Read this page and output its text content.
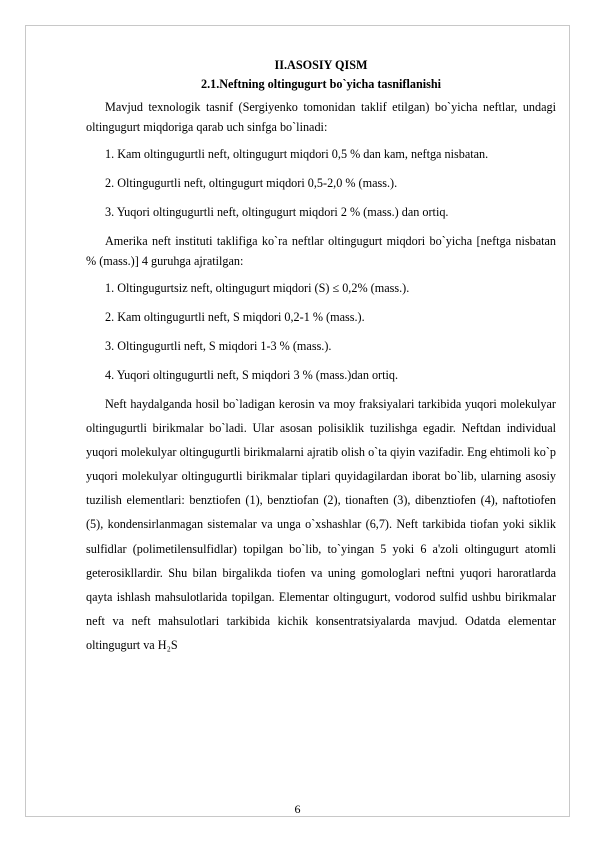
II.ASOSIY QISM

2.1.Neftning oltingugurt bo`yicha tasniflanishi

Mavjud texnologik tasnif (Sergiyenko tomonidan taklif etilgan) bo`yicha neftlar, undagi oltingugurt miqdoriga qarab uch sinfga bo`linadi:

1. Kam oltingugurtli neft, oltingugurt miqdori 0,5 % dan kam, neftga nisbatan.

2. Oltingugurtli neft, oltingugurt miqdori 0,5-2,0 % (mass.).

3. Yuqori oltingugurtli neft, oltingugurt miqdori 2 % (mass.) dan ortiq.

Amerika neft instituti taklifiga ko`ra neftlar oltingugurt miqdori bo`yicha [neftga nisbatan % (mass.)] 4 guruhga ajratilgan:

1. Oltingugurtsiz neft, oltingugurt miqdori (S) ≤ 0,2% (mass.).

2. Kam oltingugurtli neft, S miqdori 0,2-1 % (mass.).

3. Oltingugurtli neft, S miqdori 1-3 % (mass.).

4. Yuqori oltingugurtli neft, S miqdori 3 % (mass.)dan ortiq.

Neft haydalganda hosil bo`ladigan kerosin va moy fraksiyalari tarkibida yuqori molekulyar oltingugurtli birikmalar bo`ladi. Ular asosan polisiklik tuzilishga egadir. Neftdan individual yuqori molekulyar oltingugurtli birikmalarni ajratib olish o`ta qiyin vazifadir. Eng ehtimoli ko`p yuqori molekulyar oltingugurtli birikmalar tiplari quyidagilardan iborat bo`lib, ularning asosiy tuzilish elementlari: benztiofen (1), benztiofan (2), tionaften (3), dibenztiofen (4), naftotiofen (5), kondensirlanmagan sistemalar va unga o`xshashlar (6,7). Neft tarkibida tiofan yoki siklik sulfidlar (polimetilensulfidlar) topilgan bo`lib, to`yingan 5 yoki 6 a'zoli oltingugurt atomli geterosikllardir. Shu bilan birgalikda tiofen va uning gomologlari neftni yuqori haroratlarda qayta ishlash mahsulotlarida topilgan. Elementar oltingugurt, vodorod sulfid ushbu birikmalar neft va neft mahsulotlari tarkibida kichik konsentratsiyalarda mavjud. Odatda elementar oltingugurt va H₂S

6
